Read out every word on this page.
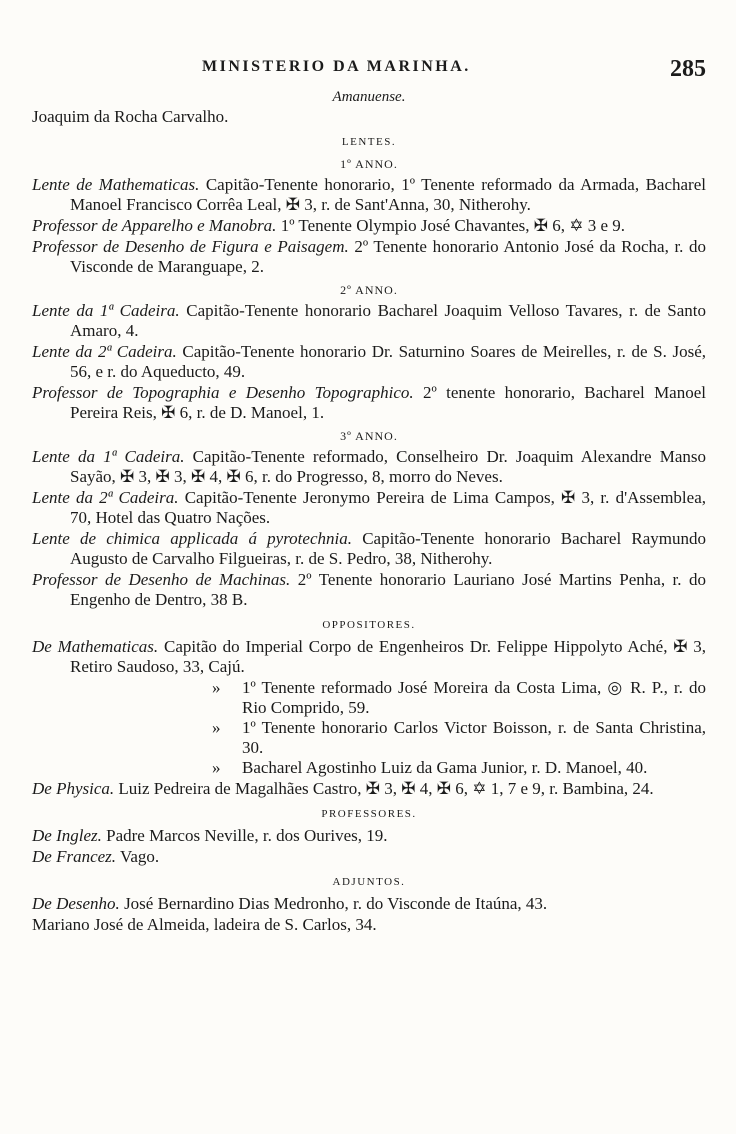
MINISTERIO DA MARINHA.	285
Amanuense.
Joaquim da Rocha Carvalho.
LENTES.
1º ANNO.

Lente de Mathematicas. Capitão-Tenente honorario, 1º Tenente reformado da Armada, Bacharel Manoel Francisco Corrêa Leal, ✠ 3, r. de Sant'Anna, 30, Nitherohy.

Professor de Apparelho e Manobra. 1º Tenente Olympio José Chavantes, ✠ 6, ✡ 3 e 9.

Professor de Desenho de Figura e Paisagem. 2º Tenente honorario Antonio José da Rocha, r. do Visconde de Maranguape, 2.

2º ANNO.

Lente da 1ª Cadeira. Capitão-Tenente honorario Bacharel Joaquim Velloso Tavares, r. de Santo Amaro, 4.

Lente da 2ª Cadeira. Capitão-Tenente honorario Dr. Saturnino Soares de Meirelles, r. de S. José, 56, e r. do Aqueducto, 49.

Professor de Topographia e Desenho Topographico. 2º tenente honorario, Bacharel Manoel Pereira Reis, ✠ 6, r. de D. Manoel, 1.

3º ANNO.

Lente da 1ª Cadeira. Capitão-Tenente reformado, Conselheiro Dr. Joaquim Alexandre Manso Sayão, ✠ 3, ✠ 3, ✠ 4, ✠ 6, r. do Progresso, 8, morro do Neves.

Lente da 2ª Cadeira. Capitão-Tenente Jeronymo Pereira de Lima Campos, ✠ 3, r. d'Assemblea, 70, Hotel das Quatro Nações.

Lente de chimica applicada á pyrotechnia. Capitão-Tenente honorario Bacharel Raymundo Augusto de Carvalho Filgueiras, r. de S. Pedro, 38, Nitherohy.

Professor de Desenho de Machinas. 2º Tenente honorario Lauriano José Martins Penha, r. do Engenho de Dentro, 38 B.

OPPOSITORES.

De Mathematicas. Capitão do Imperial Corpo de Engenheiros Dr. Felippe Hippolyto Aché, ✠ 3, Retiro Saudoso, 33, Cajú.

» 1º Tenente reformado José Moreira da Costa Lima, ◎ R. P., r. do Rio Comprido, 59.

» 1º Tenente honorario Carlos Victor Boisson, r. de Santa Christina, 30.

» Bacharel Agostinho Luiz da Gama Junior, r. D. Manoel, 40.

De Physica. Luiz Pedreira de Magalhães Castro, ✠ 3, ✠ 4, ✠ 6, ✡ 1, 7 e 9, r. Bambina, 24.

PROFESSORES.

De Inglez. Padre Marcos Neville, r. dos Ourives, 19.

De Francez. Vago.

ADJUNTOS.

De Desenho. José Bernardino Dias Medronho, r. do Visconde de Itaúna, 43.

Mariano José de Almeida, ladeira de S. Carlos, 34.
